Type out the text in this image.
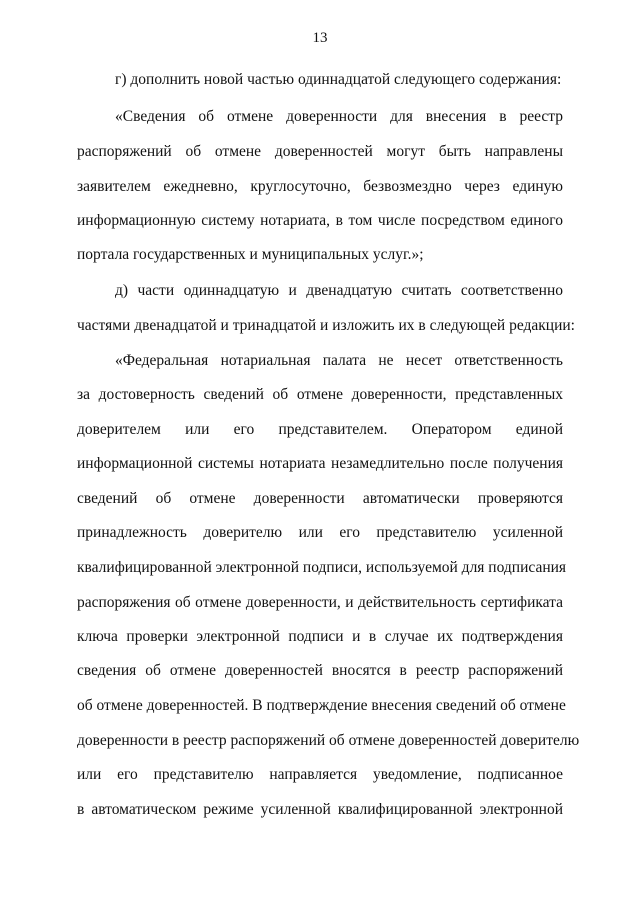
13
г) дополнить новой частью одиннадцатой следующего содержания:
«Сведения об отмене доверенности для внесения в реестр
распоряжений об отмене доверенностей могут быть направлены
заявителем ежедневно, круглосуточно, безвозмездно через единую
информационную систему нотариата, в том числе посредством единого
портала государственных и муниципальных услуг.»;
д) части одиннадцатую и двенадцатую считать соответственно
частями двенадцатой и тринадцатой и изложить их в следующей редакции:
«Федеральная нотариальная палата не несет ответственность
за достоверность сведений об отмене доверенности, представленных
доверителем или его представителем. Оператором единой
информационной системы нотариата незамедлительно после получения
сведений об отмене доверенности автоматически проверяются
принадлежность доверителю или его представителю усиленной
квалифицированной электронной подписи, используемой для подписания
распоряжения об отмене доверенности, и действительность сертификата
ключа проверки электронной подписи и в случае их подтверждения
сведения об отмене доверенностей вносятся в реестр распоряжений
об отмене доверенностей. В подтверждение внесения сведений об отмене
доверенности в реестр распоряжений об отмене доверенностей доверителю
или его представителю направляется уведомление, подписанное
в автоматическом режиме усиленной квалифицированной электронной
